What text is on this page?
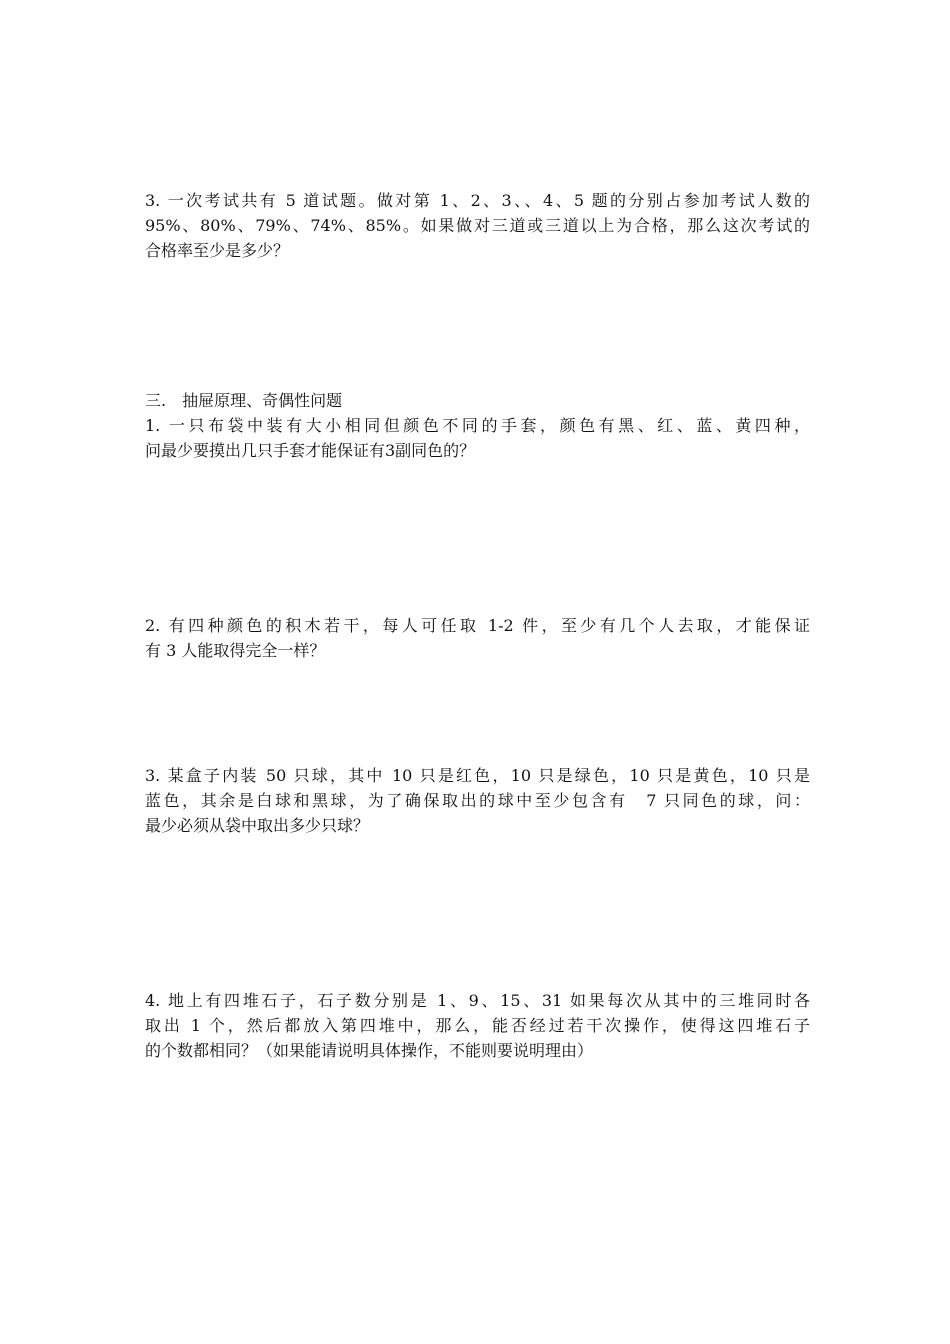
3. 一次考试共有 5 道试题。做对第 1、2、3、、4、5 题的分别占参加考试人数的
95%、80%、79%、74%、85%。如果做对三道或三道以上为合格，那么这次考试的
合格率至少是多少？
三.　抽屉原理、奇偶性问题
1. 一只布袋中装有大小相同但颜色不同的手套，颜色有黑、红、蓝、黄四种，
问最少要摸出几只手套才能保证有3副同色的？
2. 有四种颜色的积木若干，每人可任取 1-2 件，至少有几个人去取，才能保证
有 3 人能取得完全一样？
3. 某盒子内装 50 只球，其中 10 只是红色，10 只是绿色，10 只是黄色，10 只是
蓝色，其余是白球和黑球，为了确保取出的球中至少包含有　7 只同色的球，问：
最少必须从袋中取出多少只球？
4. 地上有四堆石子，石子数分别是 1、9、15、31 如果每次从其中的三堆同时各
取出 1 个，然后都放入第四堆中，那么，能否经过若干次操作，使得这四堆石子
的个数都相同？（如果能请说明具体操作，不能则要说明理由）
